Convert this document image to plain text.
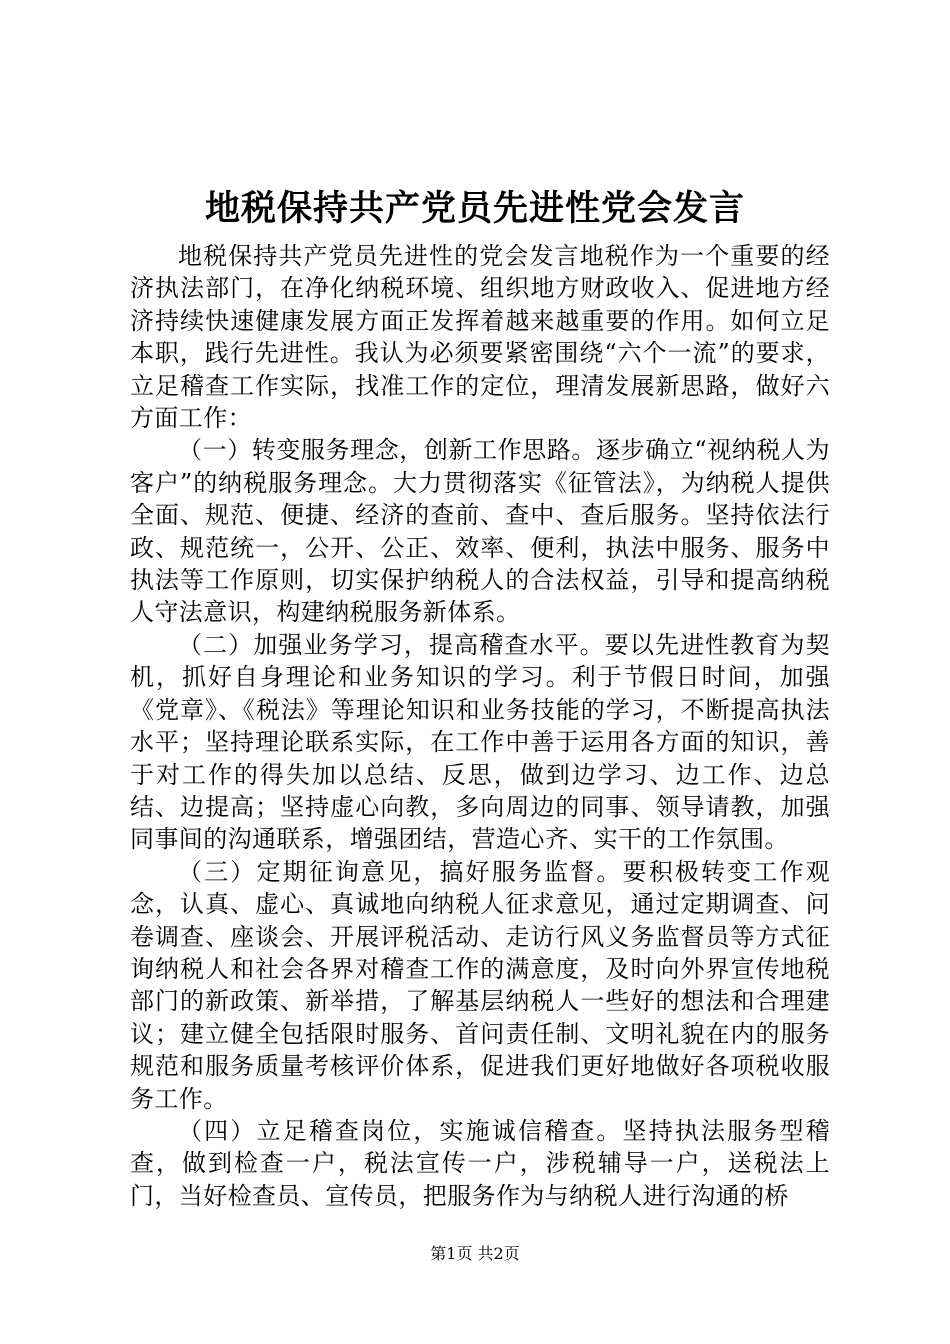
地税保持共产党员先进性党会发言

地税保持共产党员先进性的党会发言地税作为一个重要的经济执法部门，在净化纳税环境、组织地方财政收入、促进地方经济持续快速健康发展方面正发挥着越来越重要的作用。如何立足本职，践行先进性。我认为必须要紧密围绕“六个一流”的要求，立足稽查工作实际，找准工作的定位，理清发展新思路，做好六方面工作：

（一）转变服务理念，创新工作思路。逐步确立“视纳税人为客户”的纳税服务理念。大力贯彻落实《征管法》，为纳税人提供全面、规范、便捷、经济的查前、查中、查后服务。坚持依法行政、规范统一，公开、公正、效率、便利，执法中服务、服务中执法等工作原则，切实保护纳税人的合法权益，引导和提高纳税人守法意识，构建纳税服务新体系。

（二）加强业务学习，提高稽查水平。要以先进性教育为契机，抓好自身理论和业务知识的学习。利于节假日时间，加强《党章》、《税法》等理论知识和业务技能的学习，不断提高执法水平；坚持理论联系实际，在工作中善于运用各方面的知识，善于对工作的得失加以总结、反思，做到边学习、边工作、边总结、边提高；坚持虚心向教，多向周边的同事、领导请教，加强同事间的沟通联系，增强团结，营造心齐、实干的工作氛围。

（三）定期征询意见，搞好服务监督。要积极转变工作观念，认真、虚心、真诚地向纳税人征求意见，通过定期调查、问卷调查、座谈会、开展评税活动、走访行风义务监督员等方式征询纳税人和社会各界对稽查工作的满意度，及时向外界宣传地税部门的新政策、新举措，了解基层纳税人一些好的想法和合理建议；建立健全包括限时服务、首问责任制、文明礼貌在内的服务规范和服务质量考核评价体系，促进我们更好地做好各项税收服务工作。

（四）立足稽查岗位，实施诚信稽查。坚持执法服务型稽查，做到检查一户，税法宣传一户，涉税辅导一户，送税法上门，当好检查员、宣传员，把服务作为与纳税人进行沟通的桥

第1页 共2页
